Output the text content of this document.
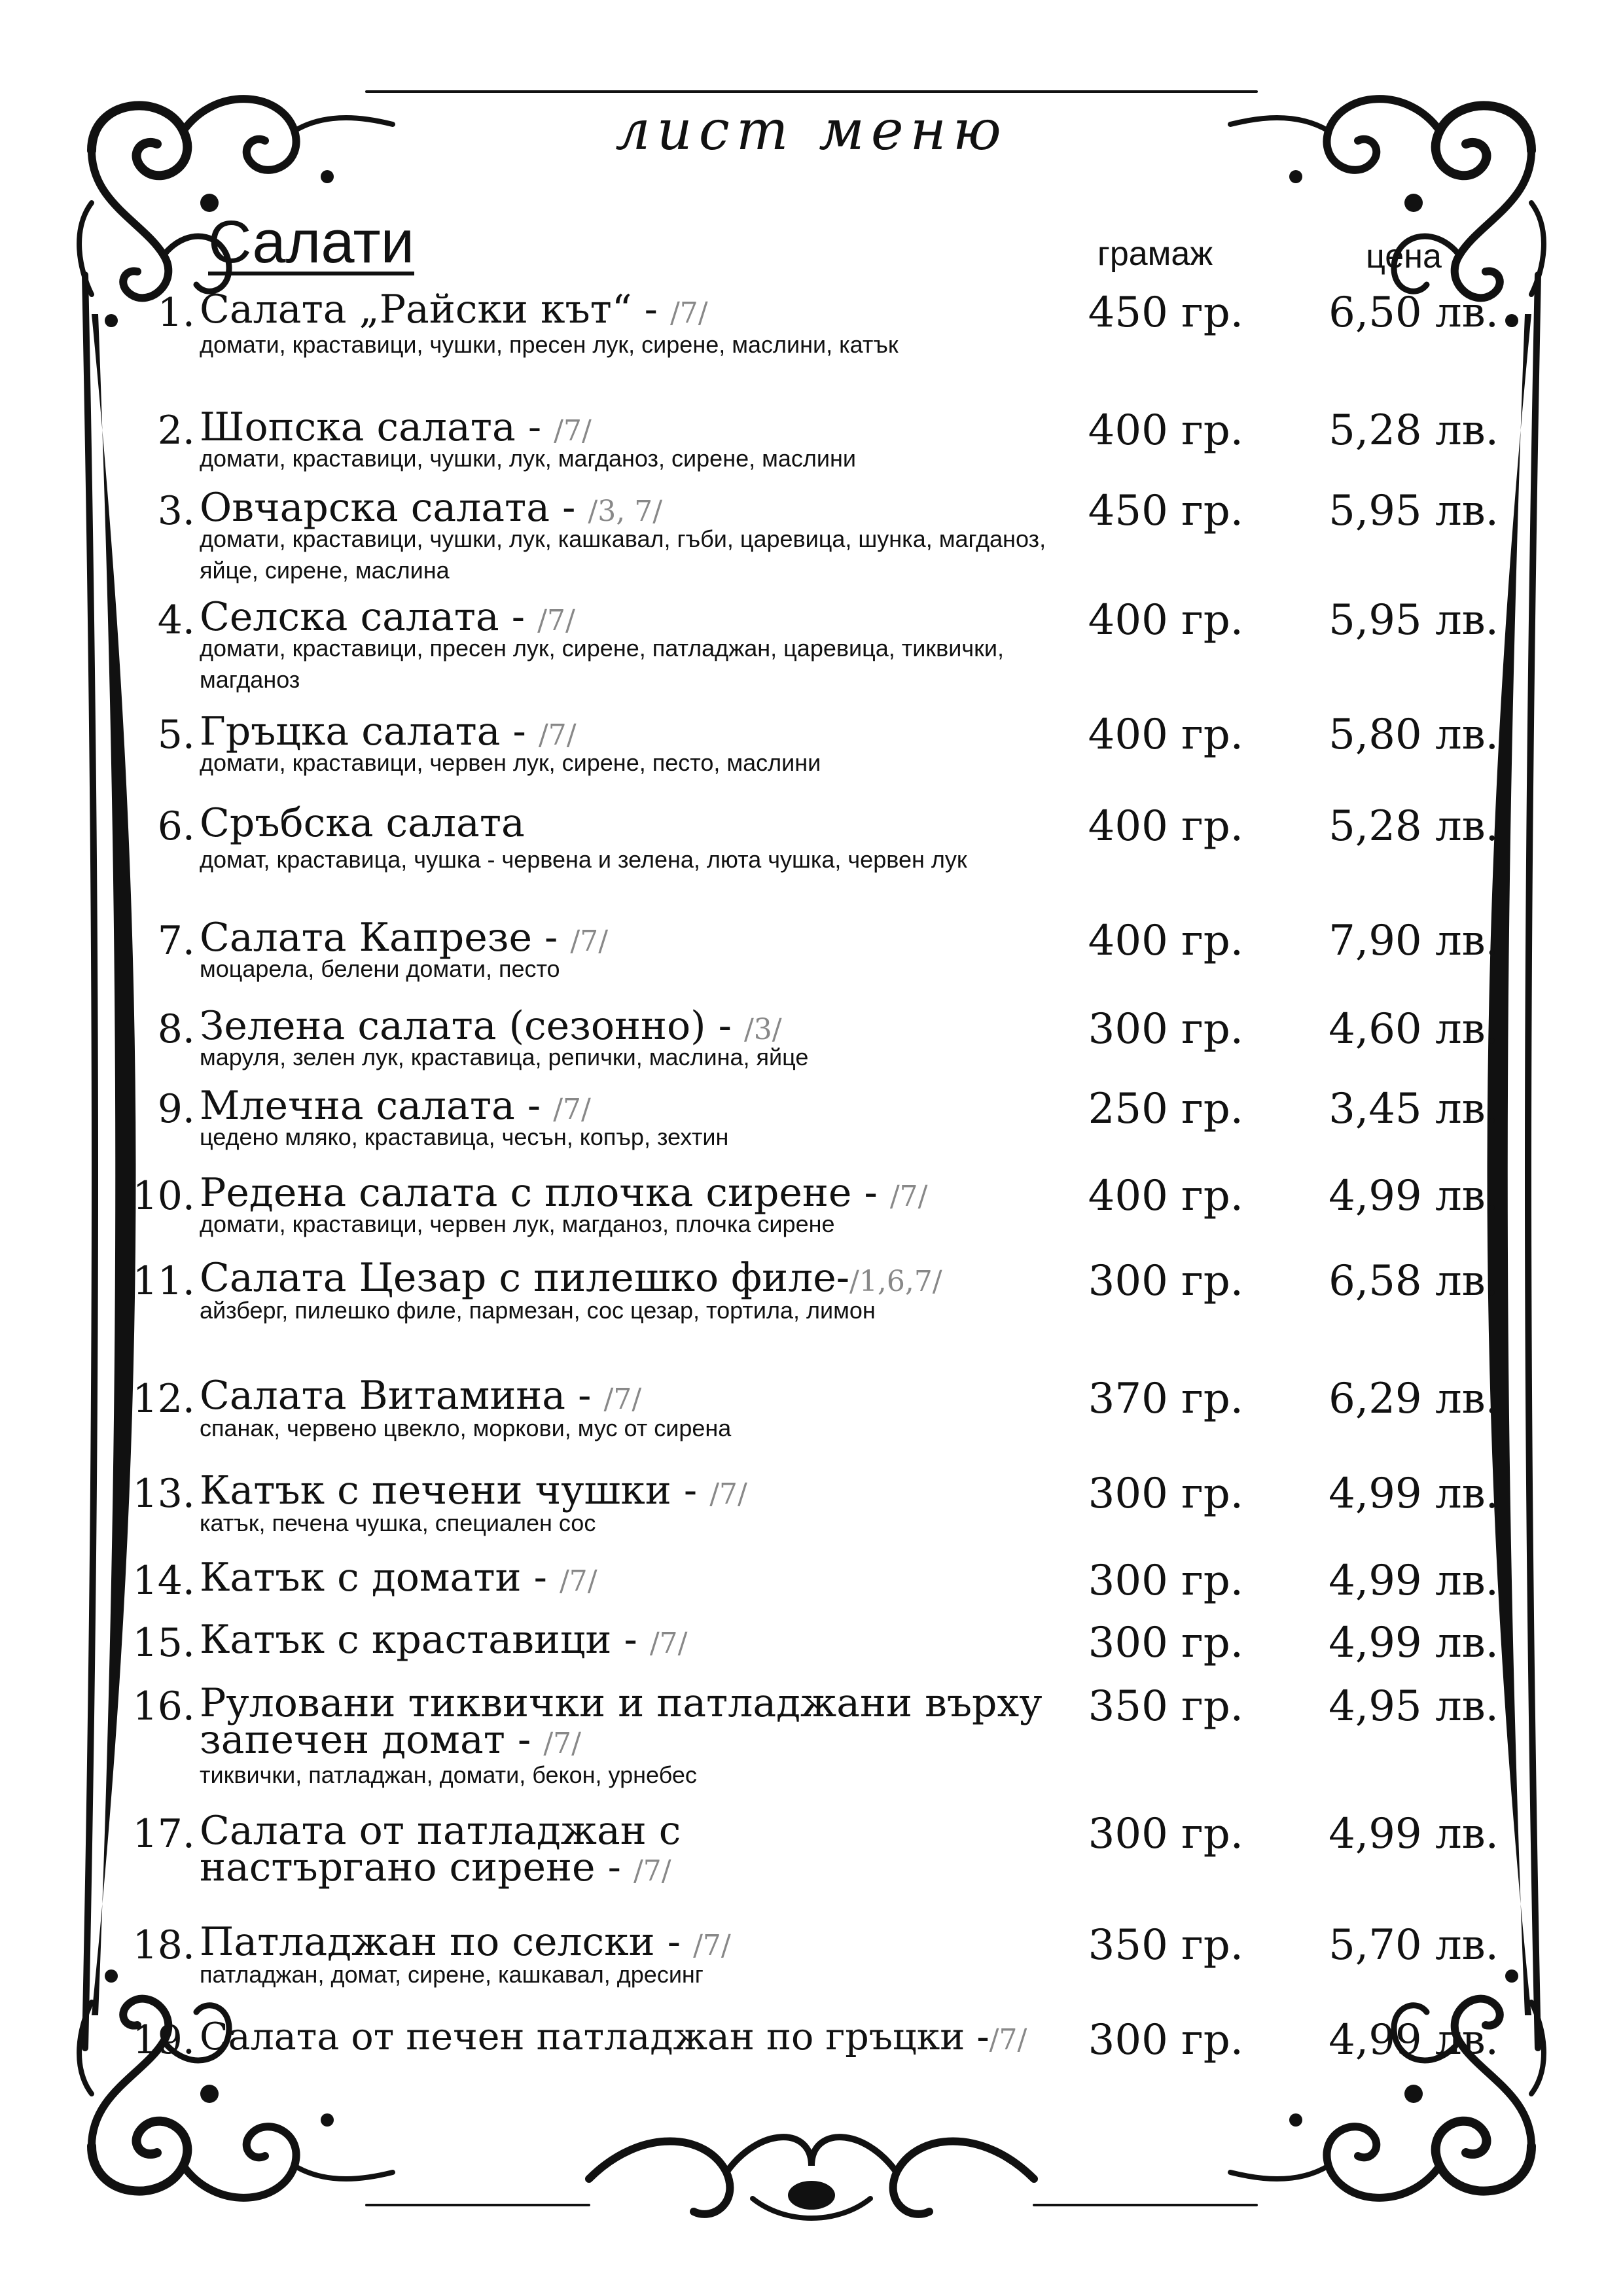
лист меню
Салати	грамаж	цена
1. Салата „Райски кът“ - /7/
домати, краставици, чушки, пресен лук, сирене, маслини, катък
450 гр.	6,50 лв.
2. Шопска салата - /7/
домати, краставици, чушки, лук, магданоз, сирене, маслини
400 гр.	5,28 лв.
3. Овчарска салата - /3, 7/
домати, краставици, чушки, лук, кашкавал, гъби, царевица, шунка, магданоз, яйце, сирене, маслина
450 гр.	5,95 лв.
4. Селска салата - /7/
домати, краставици, пресен лук, сирене, патладжан, царевица, тиквички, магданоз
400 гр.	5,95 лв.
5. Гръцка салата - /7/
домати, краставици, червен лук, сирене, песто, маслини
400 гр.	5,80 лв.
6. Сръбска салата
домат, краставица, чушка - червена и зелена, люта чушка, червен лук
400 гр.	5,28 лв.
7. Салата Капрезе - /7/
моцарела, белени домати, песто
400 гр.	7,90 лв.
8. Зелена салата (сезонно) - /3/
маруля, зелен лук, краставица, репички, маслина, яйце
300 гр.	4,60 лв.
9. Млечна салата - /7/
цедено мляко, краставица, чесън, копър, зехтин
250 гр.	3,45 лв.
10. Редена салата с плочка сирене - /7/
домати, краставици, червен лук, магданоз, плочка сирене
400 гр.	4,99 лв.
11. Салата Цезар с пилешко филе-/1,6,7/
айзберг, пилешко филе, пармезан, сос цезар, тортила, лимон
300 гр.	6,58 лв.
12. Салата Витамина - /7/
спанак, червено цвекло, моркови, мус от сирена
370 гр.	6,29 лв.
13. Катък с печени чушки - /7/
катък, печена чушка, специален сос
300 гр.	4,99 лв.
14. Катък с домати - /7/	300 гр.	4,99 лв.
15. Катък с краставици - /7/	300 гр.	4,99 лв.
16. Руловани тиквички и патладжани върху запечен домат - /7/
тиквички, патладжан, домати, бекон, урнебес
350 гр.	4,95 лв.
17. Салата от патладжан с настъргано сирене - /7/
300 гр.	4,99 лв.
18. Патладжан по селски - /7/
патладжан, домат, сирене, кашкавал, дресинг
350 гр.	5,70 лв.
19. Салата от печен патладжан по гръцки -/7/	300 гр.	4,99 лв.
